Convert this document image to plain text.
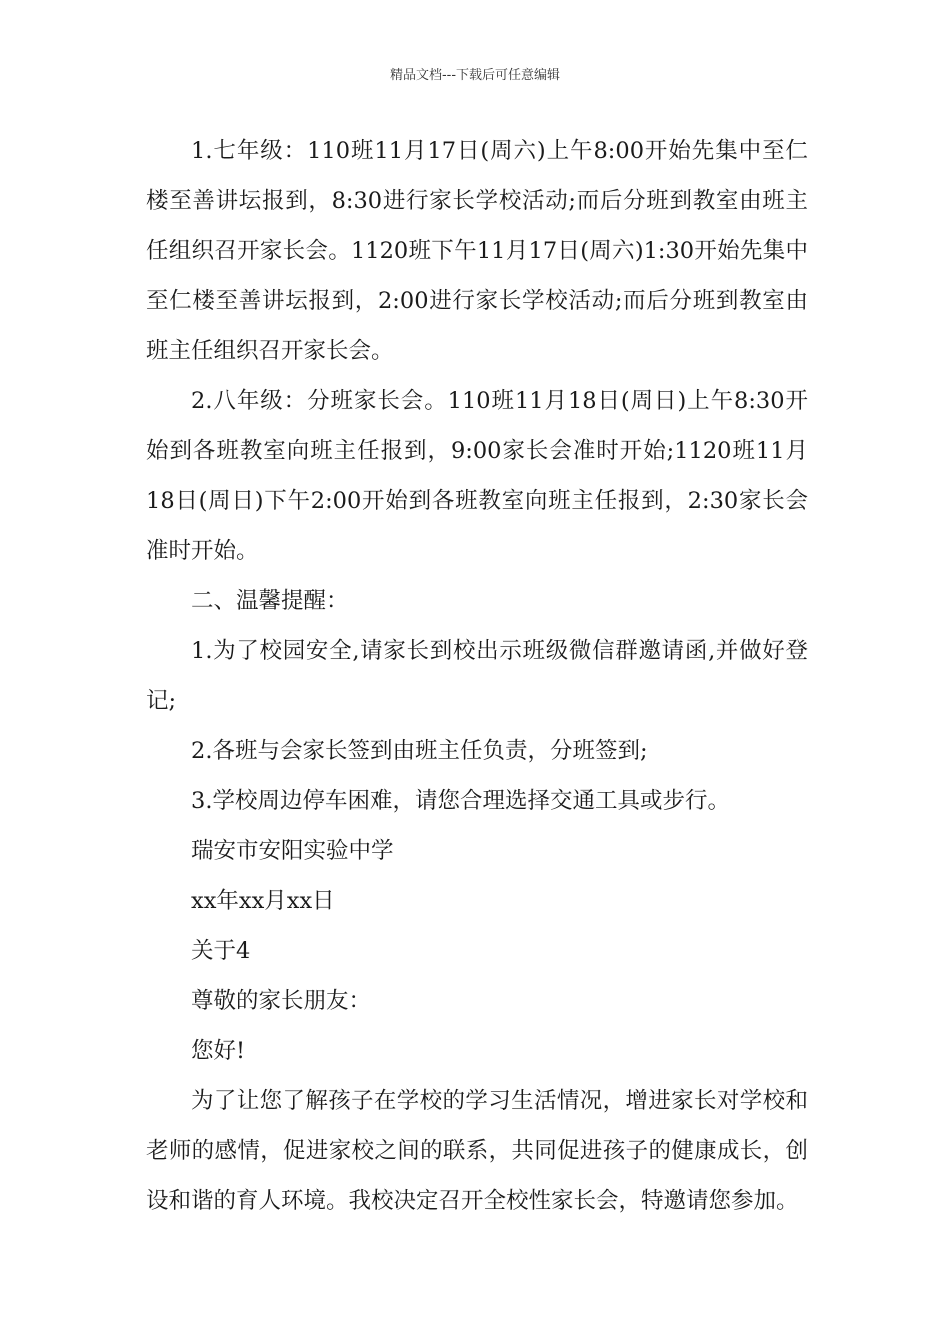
精品文档---下载后可任意编辑

1.七年级：110班11月17日(周六)上午8:00开始先集中至仁楼至善讲坛报到，8:30进行家长学校活动;而后分班到教室由班主任组织召开家长会。1120班下午11月17日(周六)1:30开始先集中至仁楼至善讲坛报到，2:00进行家长学校活动;而后分班到教室由班主任组织召开家长会。

2.八年级：分班家长会。110班11月18日(周日)上午8:30开始到各班教室向班主任报到，9:00家长会准时开始;1120班11月18日(周日)下午2:00开始到各班教室向班主任报到，2:30家长会准时开始。

二、温馨提醒：

1.为了校园安全,请家长到校出示班级微信群邀请函,并做好登记;

2.各班与会家长签到由班主任负责，分班签到;

3.学校周边停车困难，请您合理选择交通工具或步行。

瑞安市安阳实验中学

xx年xx月xx日

关于4

尊敬的家长朋友：

您好!

为了让您了解孩子在学校的学习生活情况，增进家长对学校和老师的感情，促进家校之间的联系，共同促进孩子的健康成长，创设和谐的育人环境。我校决定召开全校性家长会，特邀请您参加。
